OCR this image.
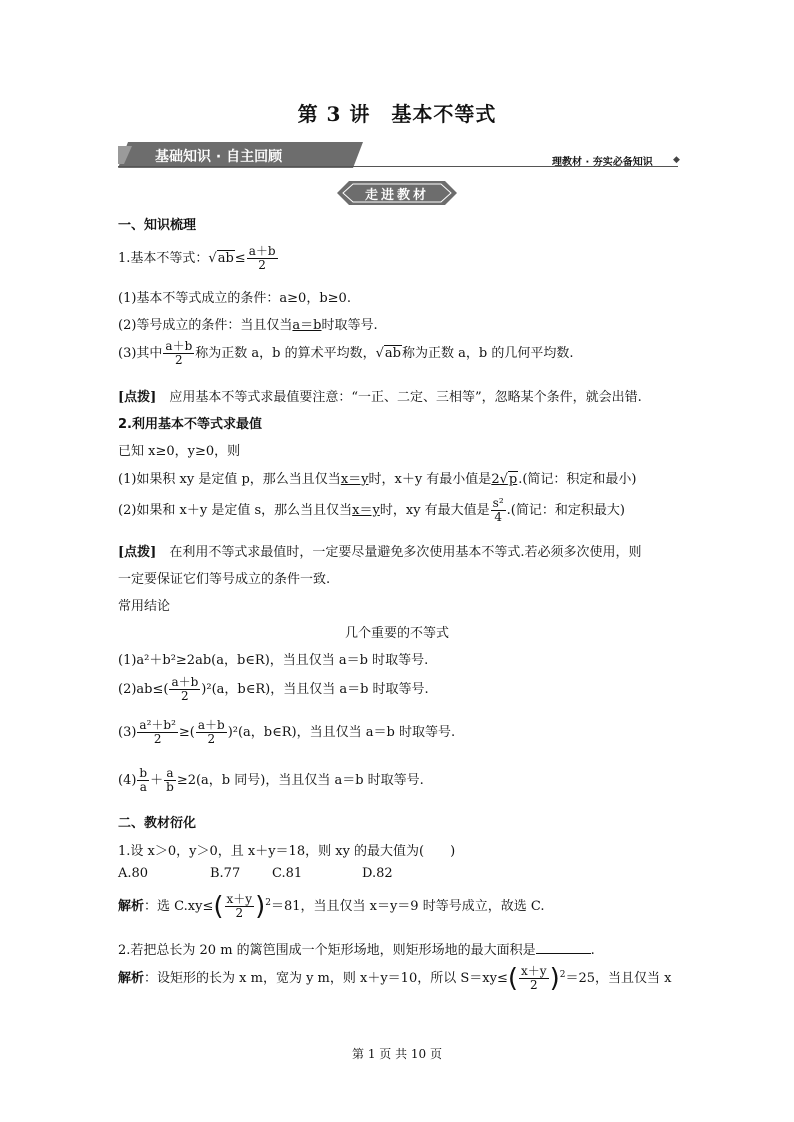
第 3 讲　基本不等式
基础知识 · 自主回顾	理教材 · 夯实必备知识 ◆
走进教材
一、知识梳理
1.基本不等式：$√ab\le \frac{a+b}{2}$
(1)基本不等式成立的条件：a≥0，b≥0.
(2)等号成立的条件：当且仅当a＝b时取等号.
(3)其中 $\frac{a+b}{2}$ 称为正数 a，b 的算术平均数，√ab称为正数 a，b 的几何平均数.
[点拨]　应用基本不等式求最值要注意：“一正、二定、三相等”，忽略某个条件，就会出错.
2.利用基本不等式求最值
已知 x≥0，y≥0，则
(1)如果积 xy 是定值 p，那么当且仅当x＝y时，x＋y 有最小值是2√p.(简记：积定和最小)
(2)如果和 x＋y 是定值 s，那么当且仅当x＝y时，xy 有最大值是 $\frac{\text{s²}}{4}$ .(简记：和定积最大)
[点拨]　在利用不等式求最值时，一定要尽量避免多次使用基本不等式.若必须多次使用，则
一定要保证它们等号成立的条件一致.
常用结论
几个重要的不等式
(1)a²＋b²≥2ab(a，b∈R)，当且仅当 a＝b 时取等号.
$(2)ab\le( \frac{a+b}{2} )^2(a$，b∈R)，当且仅当 a＝b 时取等号.
$(3) \frac{\text{a²＋b²}}{2}$ ≥( $\frac{a+b}{2} )^2(a$，b∈R)，当且仅当 a＝b 时取等号.
$(4) \frac{b}{a} + \frac{a}{b} \ge 2(a$，b 同号)，当且仅当 a＝b 时取等号.
二、教材衍化
1.设 x＞0，y＞0，且 x＋y＝18，则 xy 的最大值为(　　)
A.80	B.77 C.81	D.82
解析：选 $C.xy\le( \frac{x+y}{2} )^2=81$，当且仅当 x＝y＝9 时等号成立，故选 C.
2.若把总长为 20 m 的篱笆围成一个矩形场地，则矩形场地的最大面积是	.
解析：设矩形的长为 x m，宽为 y m，则 x＋y＝10，所以 $S=xy\le( \frac{x+y}{2} )^2=25$，当且仅当 x
第 1 页 共 10 页
